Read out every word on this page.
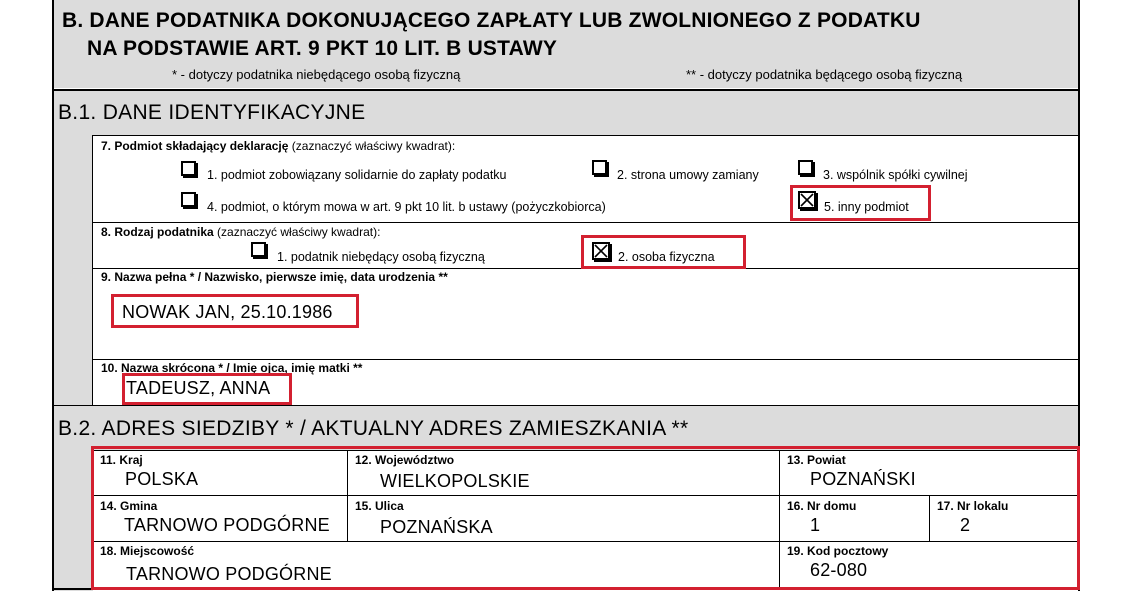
B. DANE PODATNIKA DOKONUJĄCEGO ZAPŁATY LUB ZWOLNIONEGO Z PODATKU
NA PODSTAWIE ART. 9 PKT 10 LIT. B USTAWY
* - dotyczy podatnika niebędącego osobą fizyczną	** - dotyczy podatnika będącego osobą fizyczną
B.1. DANE IDENTYFIKACYJNE
7. Podmiot składający deklarację (zaznaczyć właściwy kwadrat):
1. podmiot zobowiązany solidarnie do zapłaty podatku	2. strona umowy zamiany	3. wspólnik spółki cywilnej
4. podmiot, o którym mowa w art. 9 pkt 10 lit. b ustawy (pożyczkobiorca)	5. inny podmiot
8. Rodzaj podatnika (zaznaczyć właściwy kwadrat):
1. podatnik niebędący osobą fizyczną	2. osoba fizyczna
9. Nazwa pełna * / Nazwisko, pierwsze imię, data urodzenia **
NOWAK JAN, 25.10.1986
10. Nazwa skrócona * / Imię ojca, imię matki **
TADEUSZ, ANNA
B.2. ADRES SIEDZIBY * / AKTUALNY ADRES ZAMIESZKANIA **
11. Kraj
POLSKA
12. Województwo
WIELKOPOLSKIE
13. Powiat
POZNAŃSKI
14. Gmina
TARNOWO PODGÓRNE
15. Ulica
POZNAŃSKA
16. Nr domu
1
17. Nr lokalu
2
18. Miejscowość
TARNOWO PODGÓRNE
19. Kod pocztowy
62-080
